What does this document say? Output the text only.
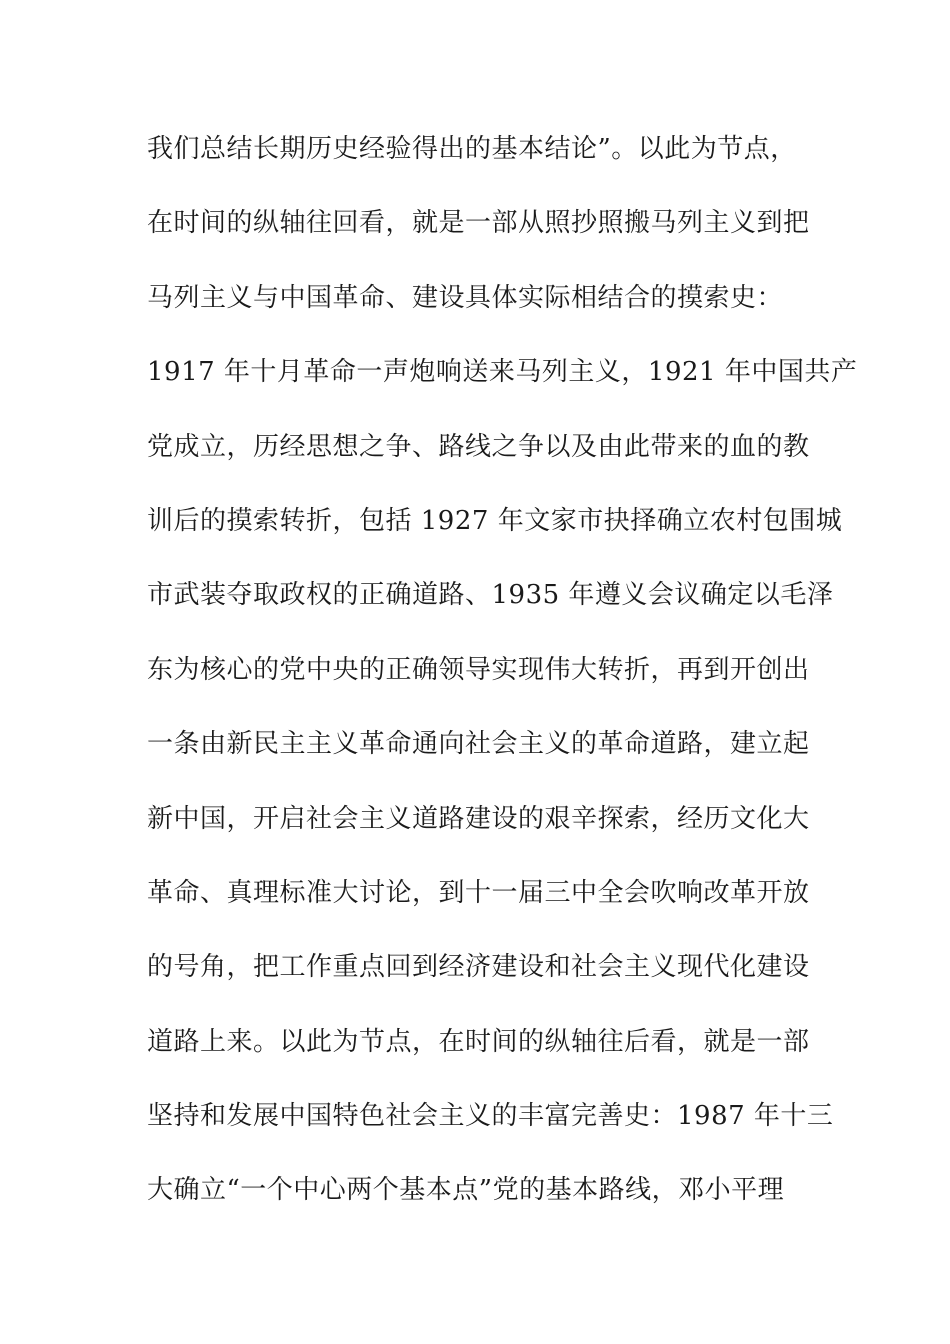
我们总结长期历史经验得出的基本结论”。以此为节点，
在时间的纵轴往回看，就是一部从照抄照搬马列主义到把
马列主义与中国革命、建设具体实际相结合的摸索史：
1917 年十月革命一声炮响送来马列主义，1921 年中国共产
党成立，历经思想之争、路线之争以及由此带来的血的教
训后的摸索转折，包括 1927 年文家市抉择确立农村包围城
市武装夺取政权的正确道路、1935 年遵义会议确定以毛泽
东为核心的党中央的正确领导实现伟大转折，再到开创出
一条由新民主主义革命通向社会主义的革命道路，建立起
新中国，开启社会主义道路建设的艰辛探索，经历文化大
革命、真理标准大讨论，到十一届三中全会吹响改革开放
的号角，把工作重点回到经济建设和社会主义现代化建设
道路上来。以此为节点，在时间的纵轴往后看，就是一部
坚持和发展中国特色社会主义的丰富完善史：1987 年十三
大确立“一个中心两个基本点”党的基本路线，邓小平理
